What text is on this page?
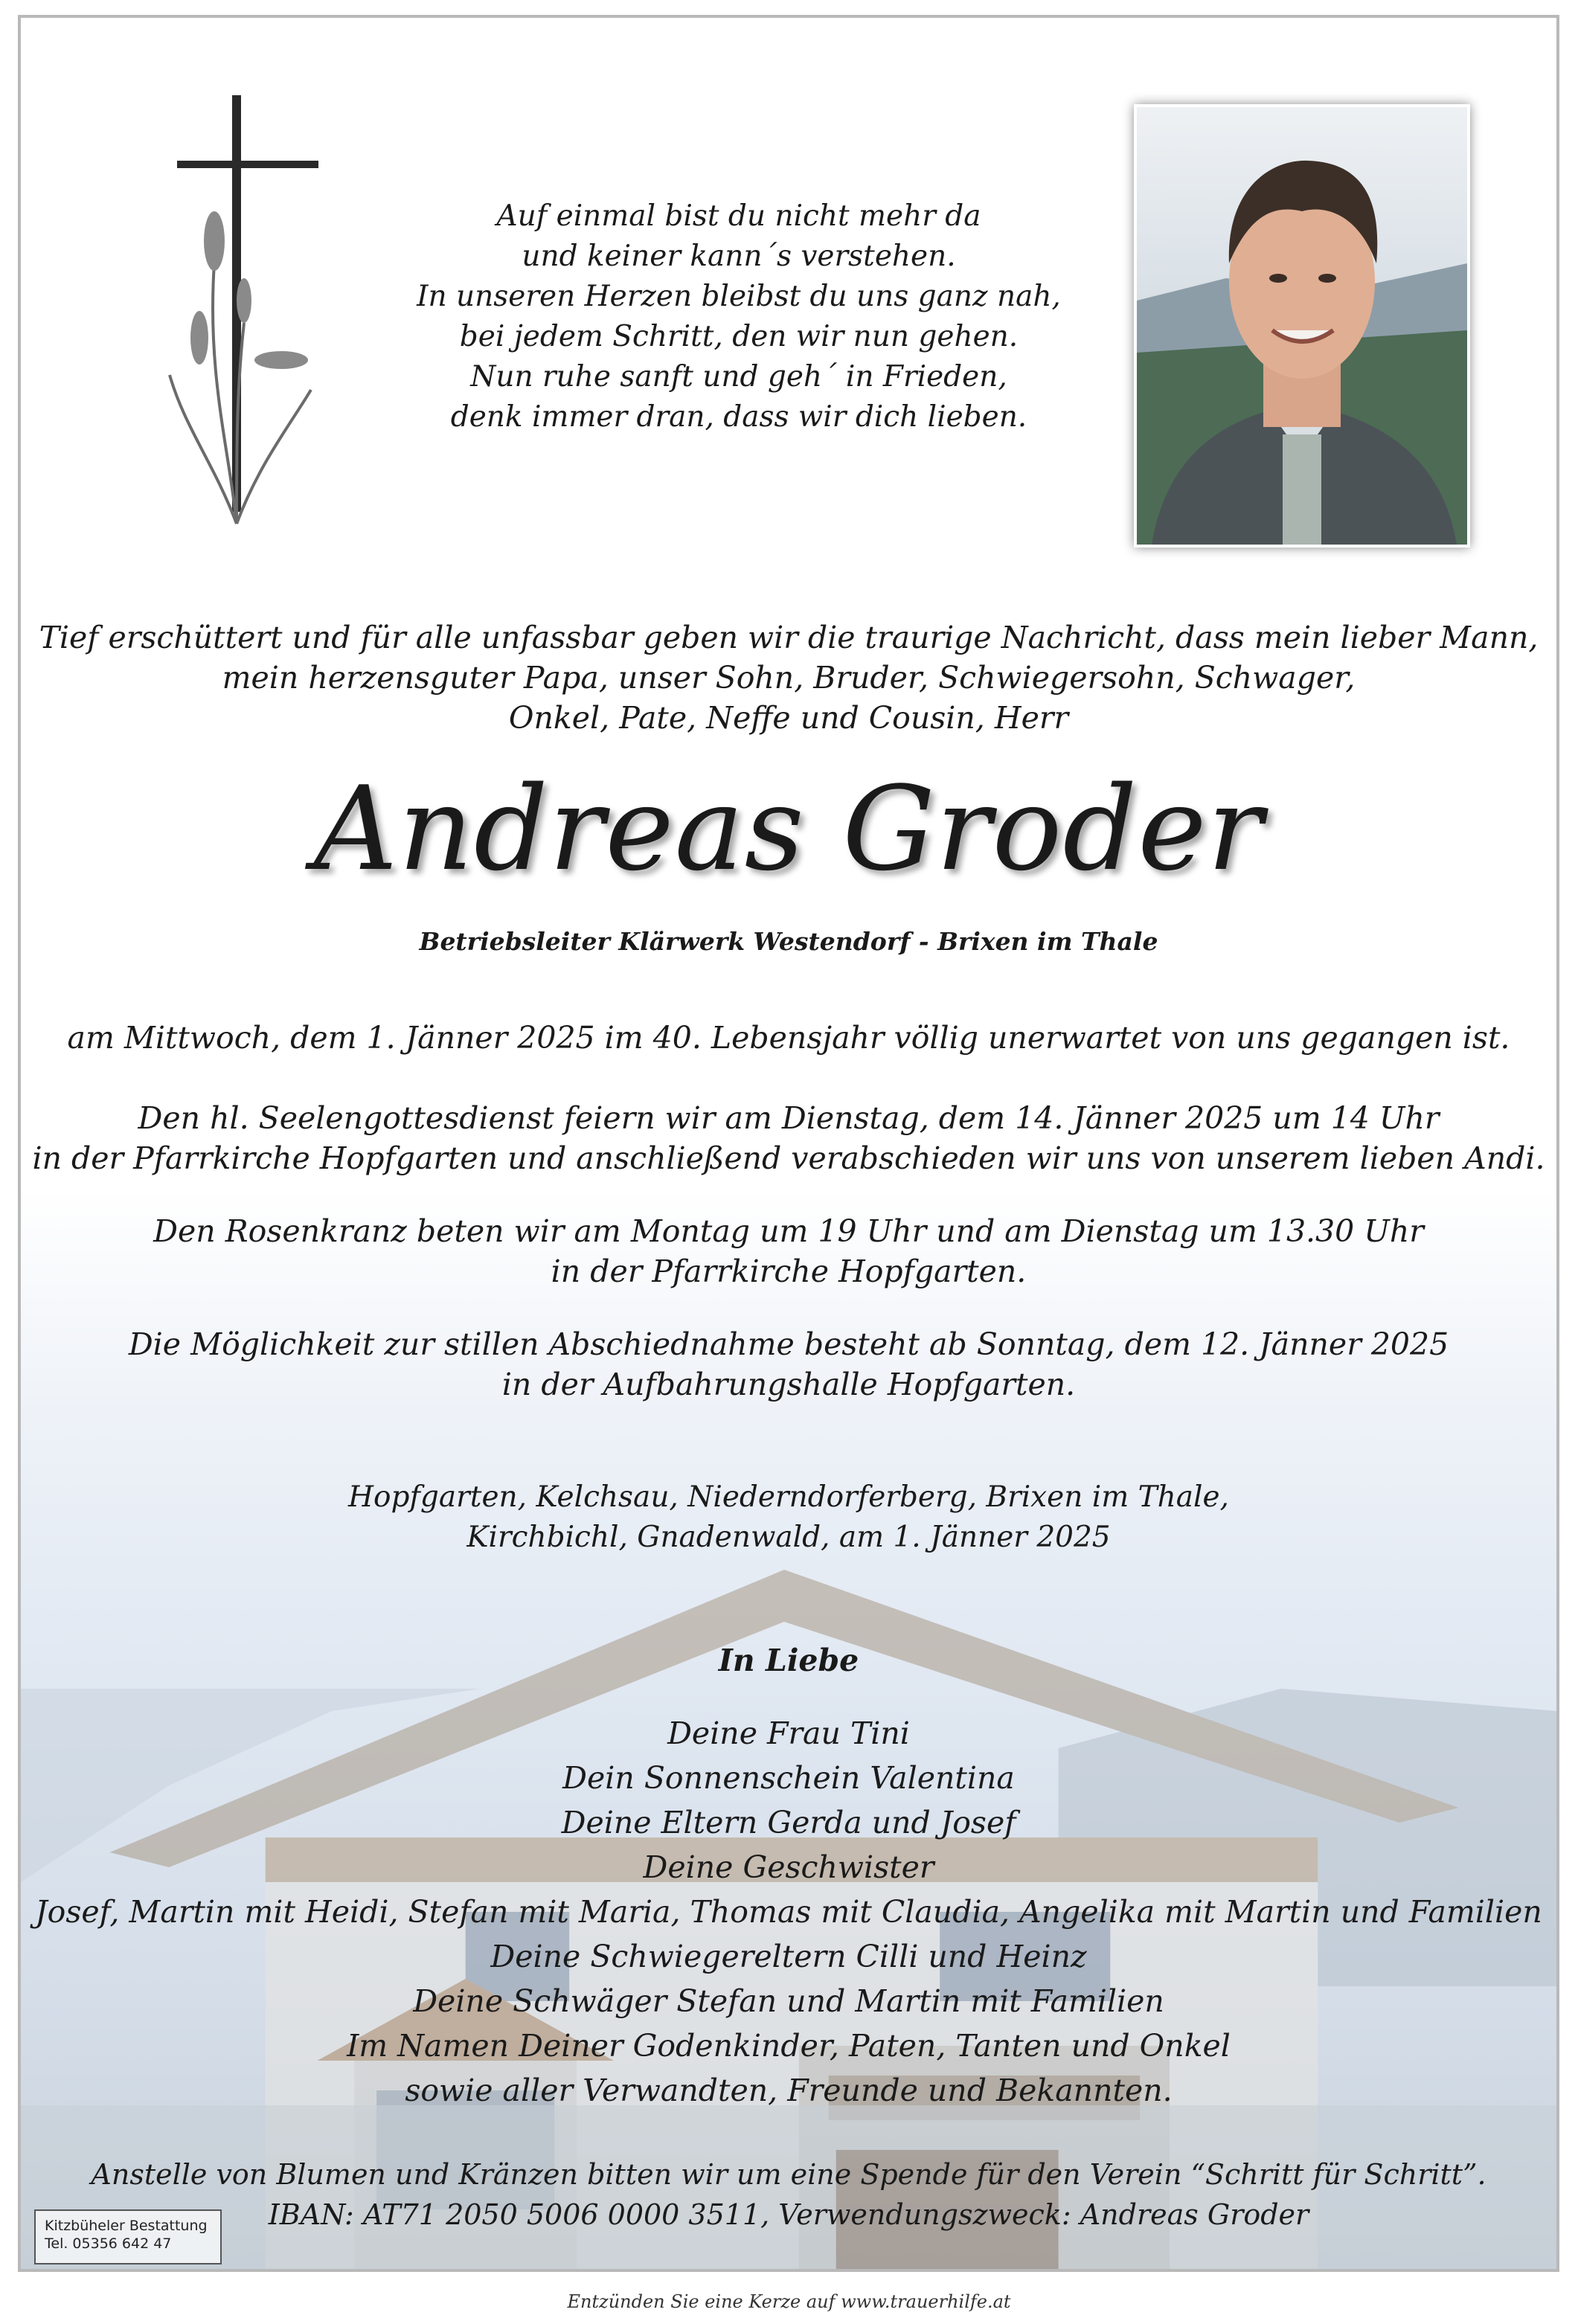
Auf einmal bist du nicht mehr da
und keiner kann´s verstehen.
In unseren Herzen bleibst du uns ganz nah,
bei jedem Schritt, den wir nun gehen.
Nun ruhe sanft und geh´ in Frieden,
denk immer dran, dass wir dich lieben.
Tief erschüttert und für alle unfassbar geben wir die traurige Nachricht, dass mein lieber Mann,
mein herzensguter Papa, unser Sohn, Bruder, Schwiegersohn, Schwager,
Onkel, Pate, Neffe und Cousin, Herr
Andreas Groder
Betriebsleiter Klärwerk Westendorf - Brixen im Thale
am Mittwoch, dem 1. Jänner 2025 im 40. Lebensjahr völlig unerwartet von uns gegangen ist.
Den hl. Seelengottesdienst feiern wir am Dienstag, dem 14. Jänner 2025 um 14 Uhr
in der Pfarrkirche Hopfgarten und anschließend verabschieden wir uns von unserem lieben Andi.
Den Rosenkranz beten wir am Montag um 19 Uhr und am Dienstag um 13.30 Uhr
in der Pfarrkirche Hopfgarten.
Die Möglichkeit zur stillen Abschiednahme besteht ab Sonntag, dem 12. Jänner 2025
in der Aufbahrungshalle Hopfgarten.
Hopfgarten, Kelchsau, Niederndorferberg, Brixen im Thale,
Kirchbichl, Gnadenwald, am 1. Jänner 2025
In Liebe
Deine Frau Tini
Dein Sonnenschein Valentina
Deine Eltern Gerda und Josef
Deine Geschwister
Josef, Martin mit Heidi, Stefan mit Maria, Thomas mit Claudia, Angelika mit Martin und Familien
Deine Schwiegereltern Cilli und Heinz
Deine Schwäger Stefan und Martin mit Familien
Im Namen Deiner Godenkinder, Paten, Tanten und Onkel
sowie aller Verwandten, Freunde und Bekannten.
Anstelle von Blumen und Kränzen bitten wir um eine Spende für den Verein “Schritt für Schritt”.
IBAN: AT71 2050 5006 0000 3511, Verwendungszweck: Andreas Groder
Kitzbüheler Bestattung
Tel. 05356 642 47
Entzünden Sie eine Kerze auf www.trauerhilfe.at
